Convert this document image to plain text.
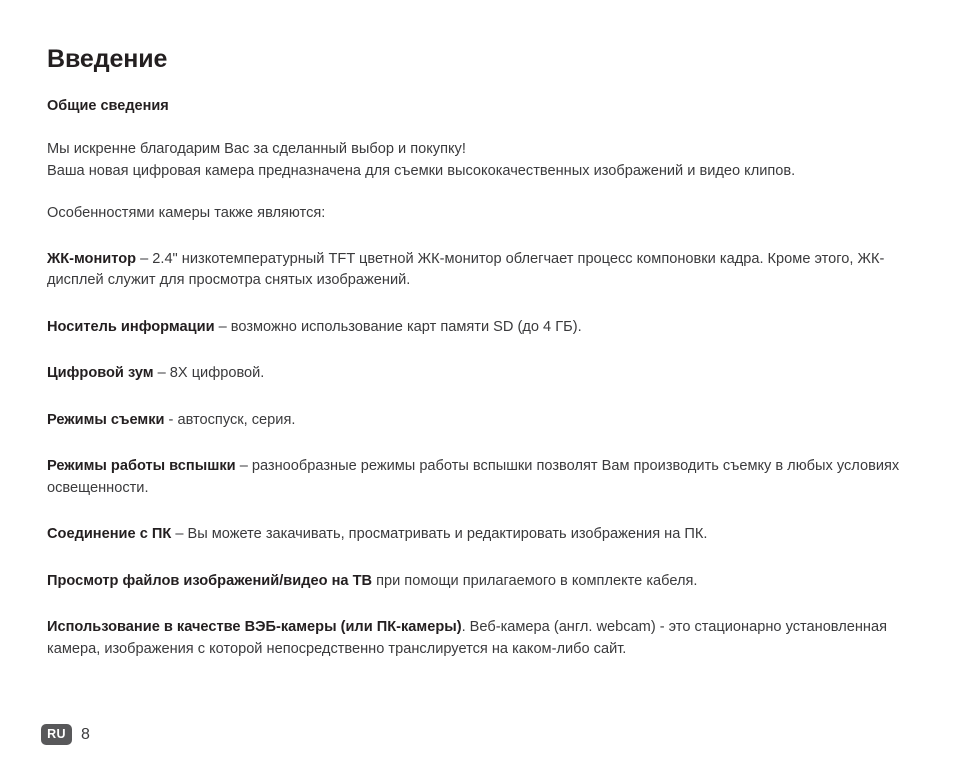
Введение
Общие сведения

Мы искренне благодарим Вас за сделанный выбор и покупку!

Ваша новая цифровая камера предназначена для съемки высококачественных изображений и видео клипов.

Особенностями камеры также являются:

ЖК-монитор – 2.4" низкотемпературный TFT цветной ЖК-монитор облегчает процесс компоновки кадра. Кроме этого, ЖК-дисплей служит для просмотра снятых изображений.

Носитель информации – возможно использование карт памяти SD (до 4 ГБ).

Цифровой зум – 8Х цифровой.

Режимы съемки - автоспуск, серия.

Режимы работы вспышки – разнообразные режимы работы вспышки позволят Вам производить съемку в любых условиях освещенности.

Соединение с ПК – Вы можете закачивать, просматривать и редактировать изображения на ПК.

Просмотр файлов изображений/видео на ТВ при помощи прилагаемого в комплекте кабеля.

Использование в качестве ВЭБ-камеры (или ПК-камеры). Веб-камера (англ. webcam) - это стационарно установленная камера, изображения с которой непосредственно транслируется на каком-либо сайт.

RU 8
